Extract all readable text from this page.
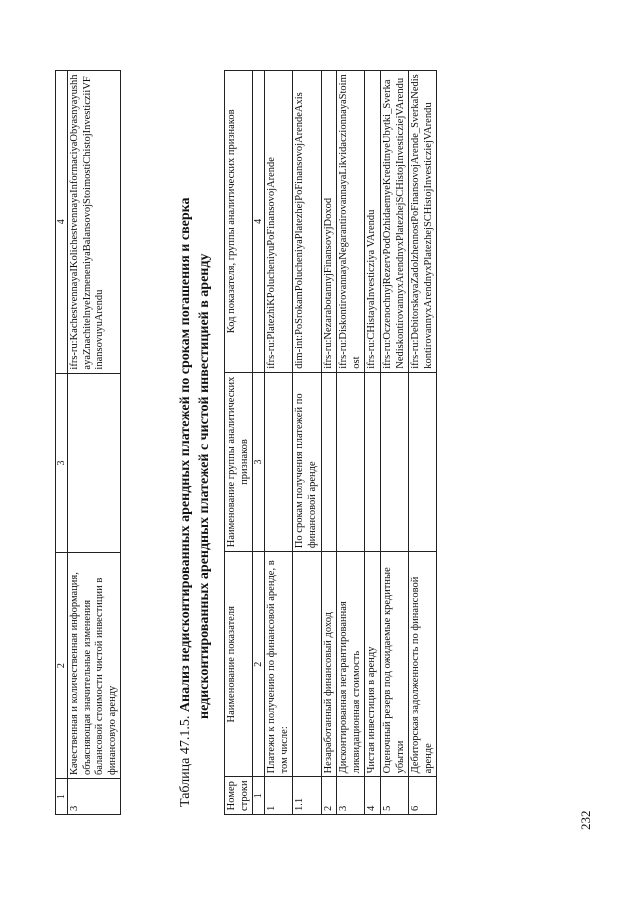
1	2	3	4
3	Качественная и количественная информация, объясняющая значительные изменения балансовой стоимости чистой инвестиции в финансовую аренду		ifrs-ru:KachestvennayaIKolichestvennayaInformaciyaObyasnyayushhayaZnachitelnyeIzmeneniyaBalansovojStoimostiChistojInvesticziiVFinansovuyuArendu
Таблица 47.1.5. Анализ недисконтированных арендных платежей по срокам погашения и сверка недисконтированных арендных платежей с чистой инвестицией в аренду
Номер строки	Наименование показателя	Наименование группы аналитических признаков	Код показателя, группы аналитических признаков
1	2	3	4
1	Платежи к получению по финансовой аренде, в том числе:		ifrs-ru:PlatezhiKPolucheniyuPoFinansovojArende
1.1		По срокам получения платежей по финансовой аренде	dim-int:PoSrokamPolucheniyaPlatezhejPoFinansovojArendeAxis
2	Незаработанный финансовый доход		ifrs-ru:NezarabotannyjFinansovyjDoxod
3	Дисконтированная негарантированная ликвидационная стоимость		ifrs-ru:DiskontirovannayaNegarantirovannayaLikvidacziоnnayaStoimost
4	Чистая инвестиция в аренду		ifrs-ru:CHistayaInvesticziya VArendu
5	Оценочный резерв под ожидаемые кредитные убытки		ifrs-ru:OczenochnyjRezervPodOzhidaemyeKreditnyeUbytki_SverkaNediskontirovannyxArendnyxPlatezhejSCHistojInvesticziejVArendu
6	Дебиторская задолженность по финансовой аренде		ifrs-ru:DebitorskayaZadolzhennostPoFinansovojArende_SverkaNediskontirovannyxArendnyxPlatezhejSCHistojInvesticziejVArendu
232
